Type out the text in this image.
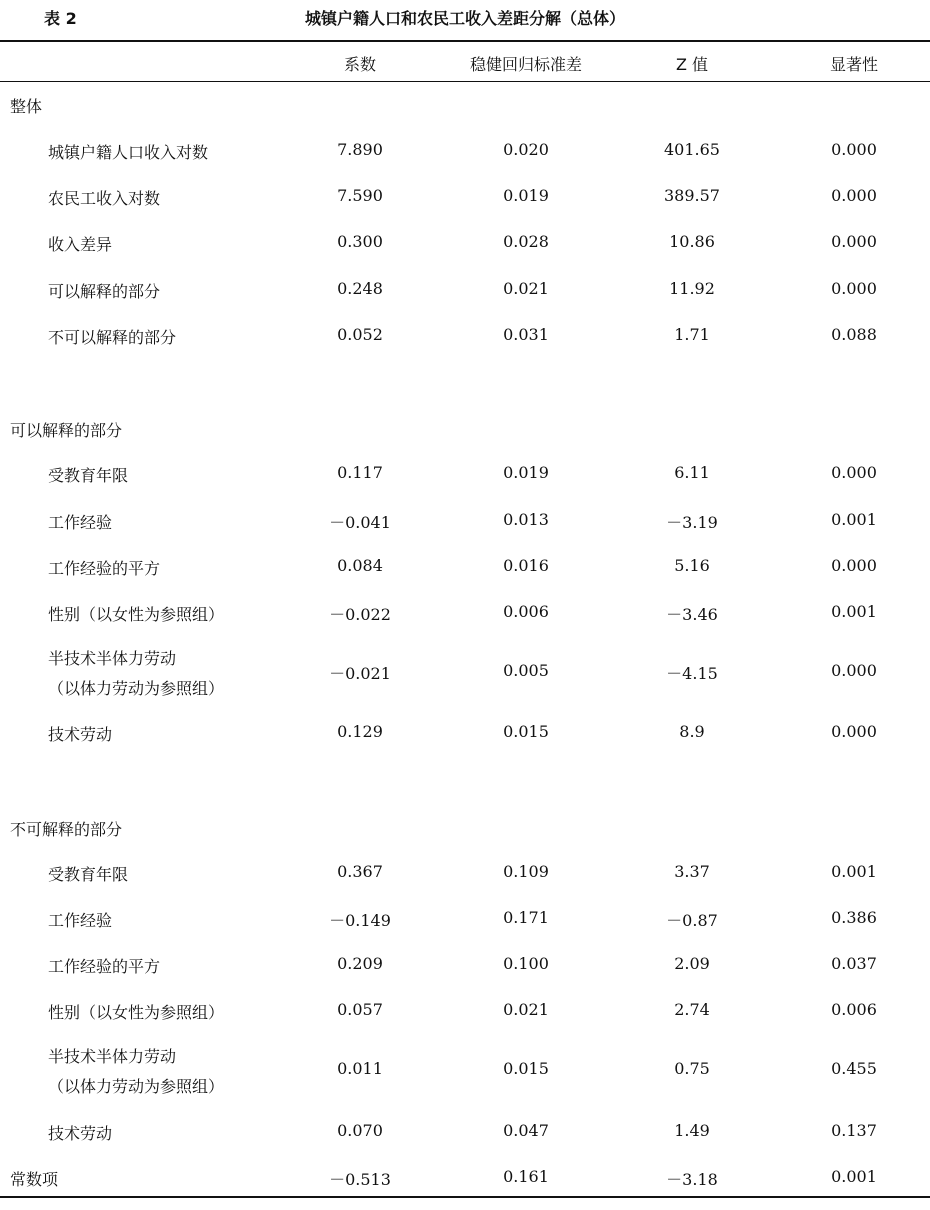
表 2	城镇户籍人口和农民工收入差距分解（总体）
系数	稳健回归标准差	Z 值	显著性
整体
城镇户籍人口收入对数	7.890	0.020	401.65	0.000
农民工收入对数	7.590	0.019	389.57	0.000
收入差异	0.300	0.028	10.86	0.000
可以解释的部分	0.248	0.021	11.92	0.000
不可以解释的部分	0.052	0.031	1.71	0.088
可以解释的部分
受教育年限	0.117	0.019	6.11	0.000
工作经验	－0.041	0.013	－3.19	0.001
工作经验的平方	0.084	0.016	5.16	0.000
性别（以女性为参照组）	－0.022	0.006	－3.46	0.001
半技术半体力劳动
（以体力劳动为参照组）
－0.021	0.005	－4.15	0.000
技术劳动	0.129	0.015	8.9	0.000
不可解释的部分
受教育年限	0.367	0.109	3.37	0.001
工作经验	－0.149	0.171	－0.87	0.386
工作经验的平方	0.209	0.100	2.09	0.037
性别（以女性为参照组）	0.057	0.021	2.74	0.006
半技术半体力劳动
（以体力劳动为参照组）
0.011	0.015	0.75	0.455
技术劳动	0.070	0.047	1.49	0.137
常数项	－0.513	0.161	－3.18	0.001
